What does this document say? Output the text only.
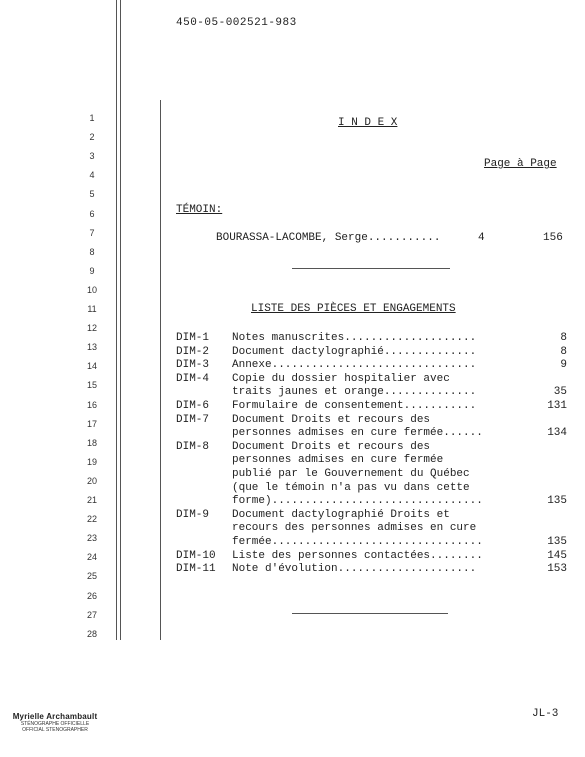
450-05-002521-983
I N D E X
Page à Page
TÉMOIN:
BOURASSA-LACOMBE, Serge...........	4	156
LISTE DES PIÈCES ET ENGAGEMENTS
DIM-1 Notes manuscrites....................	8
DIM-2 Document dactylographié..............	8
DIM-3 Annexe...............................	9
DIM-4 Copie du dossier hospitalier avec
traits jaunes et orange..............	35
DIM-6 Formulaire de consentement...........	131
DIM-7 Document Droits et recours des
personnes admises en cure fermée......	134
DIM-8 Document Droits et recours des
personnes admises en cure fermée
publié par le Gouvernement du Québec
(que le témoin n'a pas vu dans cette
forme)................................	135
DIM-9 Document dactylographié Droits et
recours des personnes admises en cure
fermée................................	135
DIM-10 Liste des personnes contactées........	145
DIM-11 Note d'évolution.....................	153
1
2
3
4
5
6
7
8
9
10
11
12
13
14
15
16
17
18
19
20
21
22
23
24
25
26
27
28
JL-3
Myrielle Archambault
STÉNOGRAPHE OFFICIELLE
OFFICIAL STENOGRAPHER
